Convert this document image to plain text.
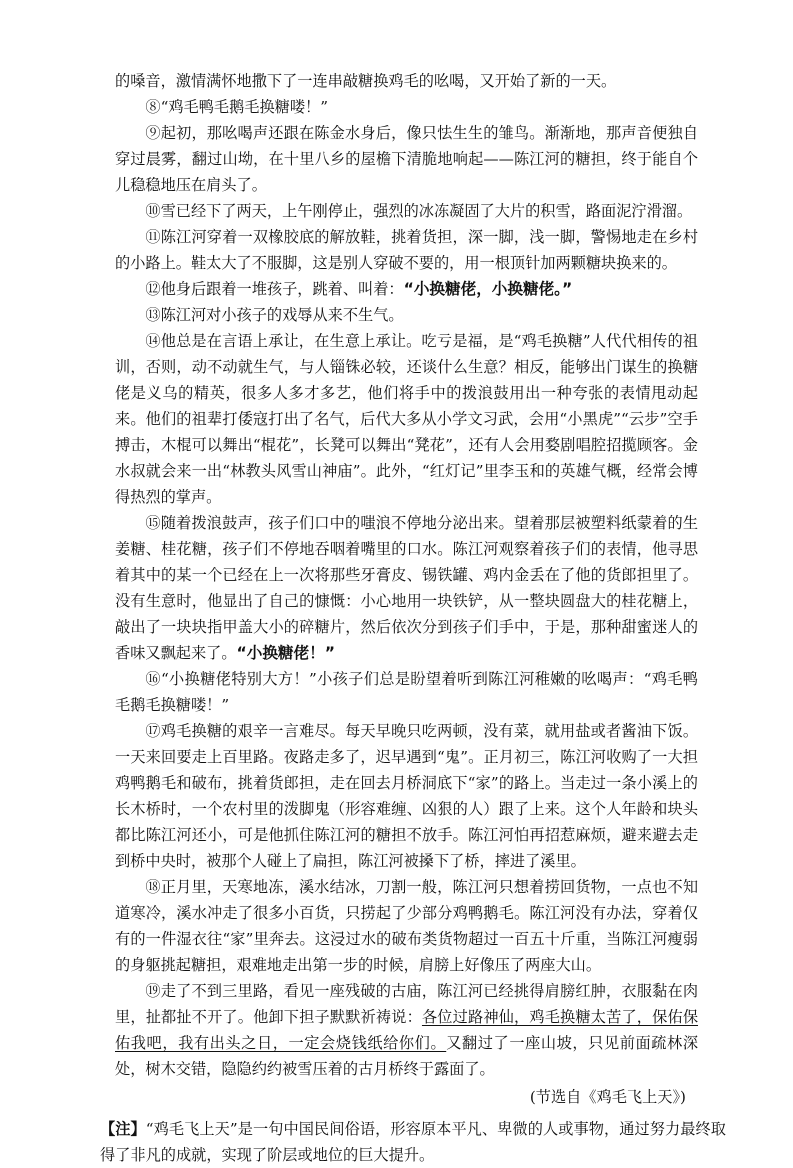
的嗓音，激情满怀地撒下了一连串敲糖换鸡毛的吆喝，又开始了新的一天。

⑧“鸡毛鸭毛鹅毛换糖喽！”

⑨起初，那吆喝声还跟在陈金水身后，像只怯生生的雏鸟。渐渐地，那声音便独自穿过晨雾，翻过山坳，在十里八乡的屋檐下清脆地响起——陈江河的糖担，终于能自个儿稳稳地压在肩头了。

⑩雪已经下了两天，上午刚停止，强烈的冰冻凝固了大片的积雪，路面泥泞滑溜。

⑪陈江河穿着一双橡胶底的解放鞋，挑着货担，深一脚，浅一脚，警惕地走在乡村的小路上。鞋太大了不服脚，这是别人穿破不要的，用一根顶针加两颗糖块换来的。

⑫他身后跟着一堆孩子，跳着、叫着：“小换糖佬，小换糖佬。”

⑬陈江河对小孩子的戏辱从来不生气。

⑭他总是在言语上承让，在生意上承让。吃亏是福，是“鸡毛换糖”人代代相传的祖训，否则，动不动就生气，与人锱铢必较，还谈什么生意？相反，能够出门谋生的换糖佬是义乌的精英，很多人多才多艺，他们将手中的拨浪鼓用出一种夸张的表情甩动起来。他们的祖辈打倭寇打出了名气，后代大多从小学文习武，会用“小黑虎”“云步”空手搏击，木棍可以舞出“棍花”，长凳可以舞出“凳花”，还有人会用婺剧唱腔招揽顾客。金水叔就会来一出“林教头风雪山神庙”。此外，“红灯记”里李玉和的英雄气概，经常会博得热烈的掌声。

⑮随着拨浪鼓声，孩子们口中的嗤浪不停地分泌出来。望着那层被塑料纸蒙着的生姜糖、桂花糖，孩子们不停地吞咽着嘴里的口水。陈江河观察着孩子们的表情，他寻思着其中的某一个已经在上一次将那些牙膏皮、锡铁罐、鸡内金丢在了他的货郎担里了。没有生意时，他显出了自己的慷慨：小心地用一块铁铲，从一整块圆盘大的桂花糖上，敲出了一块块指甲盖大小的碎糖片，然后依次分到孩子们手中，于是，那种甜蜜迷人的香味又飘起来了。“小换糖佬！”

⑯“小换糖佬特别大方！”小孩子们总是盼望着听到陈江河稚嫩的吆喝声：“鸡毛鸭毛鹅毛换糖喽！”

⑰鸡毛换糖的艰辛一言难尽。每天早晚只吃两顿，没有菜，就用盐或者酱油下饭。一天来回要走上百里路。夜路走多了，迟早遇到“鬼”。正月初三，陈江河收购了一大担鸡鸭鹅毛和破布，挑着货郎担，走在回去月桥洞底下“家”的路上。当走过一条小溪上的长木桥时，一个农村里的泼脚鬼（形容难缠、凶狠的人）跟了上来。这个人年龄和块头都比陈江河还小，可是他抓住陈江河的糖担不放手。陈江河怕再招惹麻烦，避来避去走到桥中央时，被那个人碰上了扁担，陈江河被搡下了桥，摔进了溪里。

⑱正月里，天寒地冻，溪水结冰，刀割一般，陈江河只想着捞回货物，一点也不知道寒冷，溪水冲走了很多小百货，只捞起了少部分鸡鸭鹅毛。陈江河没有办法，穿着仅有的一件湿衣往“家”里奔去。这浸过水的破布类货物超过一百五十斤重，当陈江河瘦弱的身躯挑起糖担，艰难地走出第一步的时候，肩膀上好像压了两座大山。

⑲走了不到三里路，看见一座残破的古庙，陈江河已经挑得肩膀红肿，衣服黏在肉里，扯都扯不开了。他卸下担子默默祈祷说：各位过路神仙，鸡毛换糖太苦了，保佑保佑我吧，我有出头之日，一定会烧钱纸给你们。又翻过了一座山坡，只见前面疏林深处，树木交错，隐隐约约被雪压着的古月桥终于露面了。

(节选自《鸡毛飞上天》)

【注】“鸡毛飞上天”是一句中国民间俗语，形容原本平凡、卑微的人或事物，通过努力最终取得了非凡的成就，实现了阶层或地位的巨大提升。
